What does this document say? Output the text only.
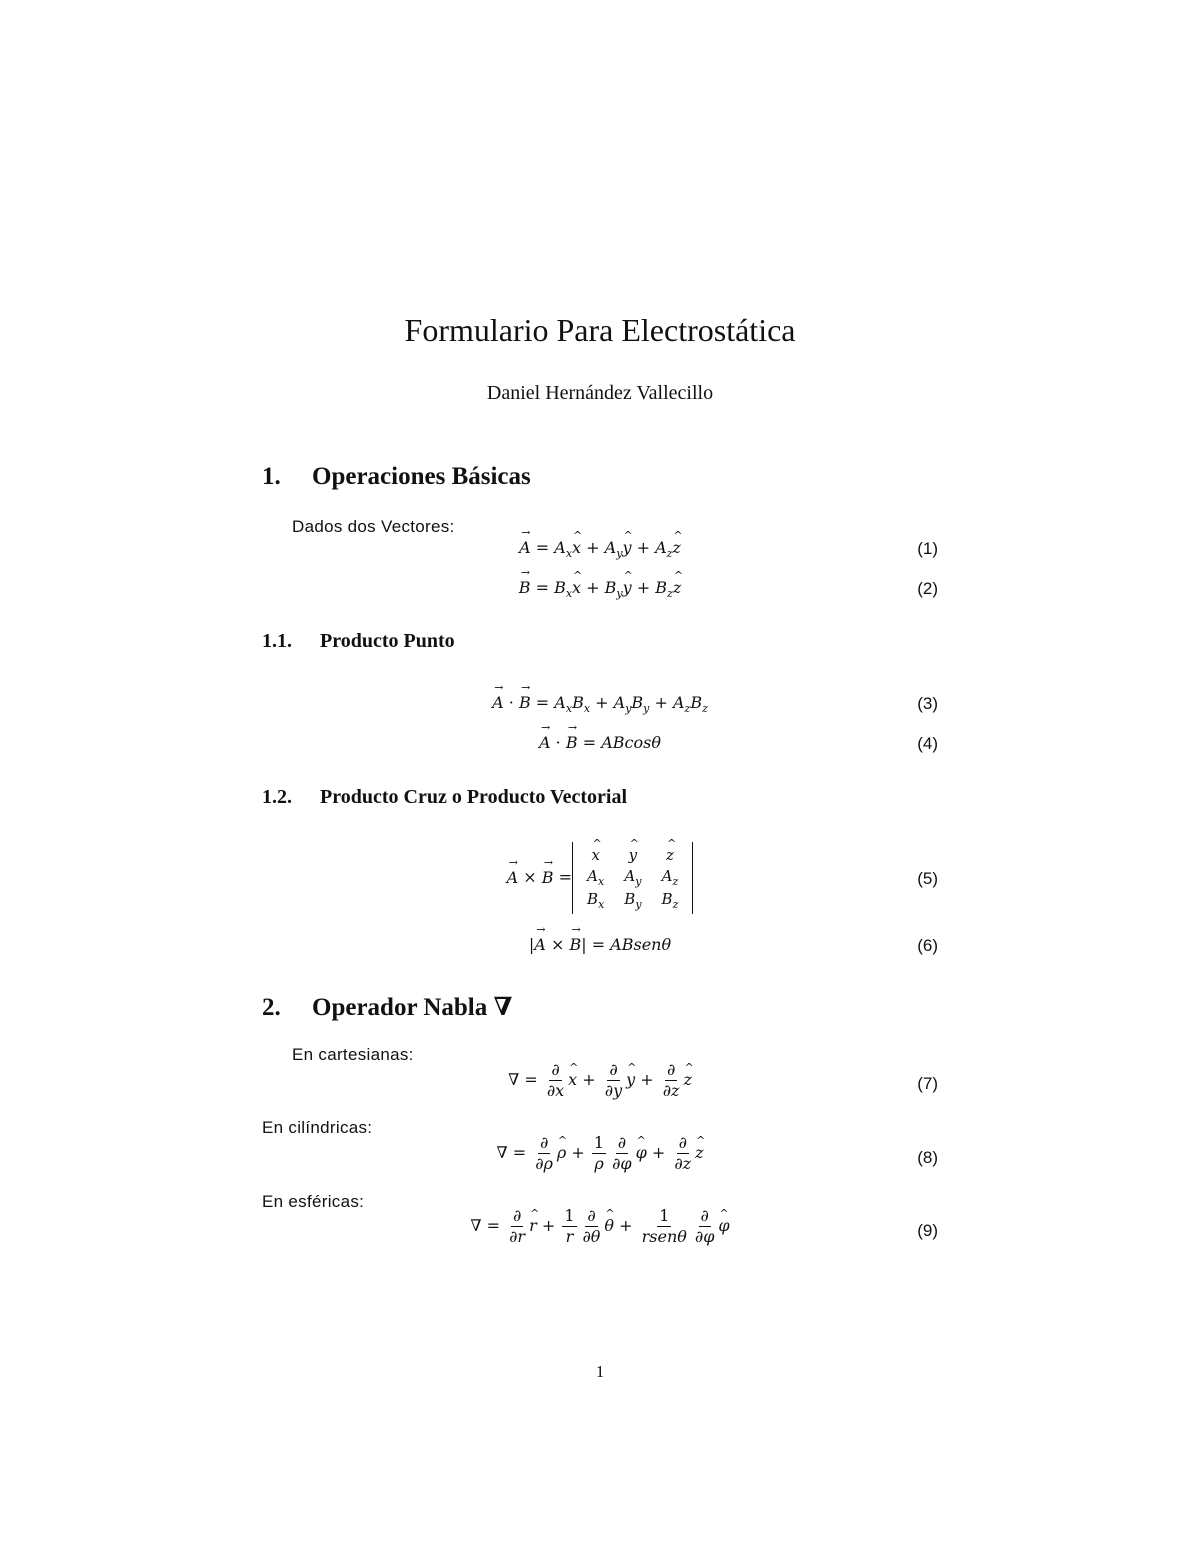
Formulario Para Electrostática
Daniel Hernández Vallecillo
1. Operaciones Básicas
Dados dos Vectores:
A → = $A_xx$ ^ + $A_yy$ ^ + $A_zz$ ^	(1)
B → = $B_xx$ ^ + $B_yy$ ^ + $B_zz$ ^	(2)
1.1. Producto Punto
A → · B → = $A_xB_x + A_yB_y + A_zB_z$	(3)
A → · B → = ABcosθ	(4)
1.2. Producto Cruz o Producto Vectorial
A → × B → =
x ^	y ^	z ^
$A_x$	$A_y$	$A_z$
$B_x$	$B_y$	$B_z$
(5)
|A → × B →| = ABsenθ	(6)
2. Operador Nabla ∇
En cartesianas:
∇ = $\frac{\partial}{\partial x}$ x ^ + $\frac{\partial}{\partial y}$ y ^ + $\frac{\partial}{\partial z}$ z ^	(7)
En cilíndricas:
∇ = $\frac{\partial}{\partial\rho}$ ρ ^ + $\frac{1}{\rho} \frac{\partial}{\partial\varphi}$ φ ^ + $\frac{\partial}{\partial z}$ z ^	(8)
En esféricas:
∇ = $\frac{\partial}{\partial r}$ r ^ + $\frac{1}{r} \frac{\partial}{\partial\theta}$ θ ^ + $\frac{1}{\text{rsenθ}} \frac{\partial}{\partial\varphi}$ φ ^	(9)
1
